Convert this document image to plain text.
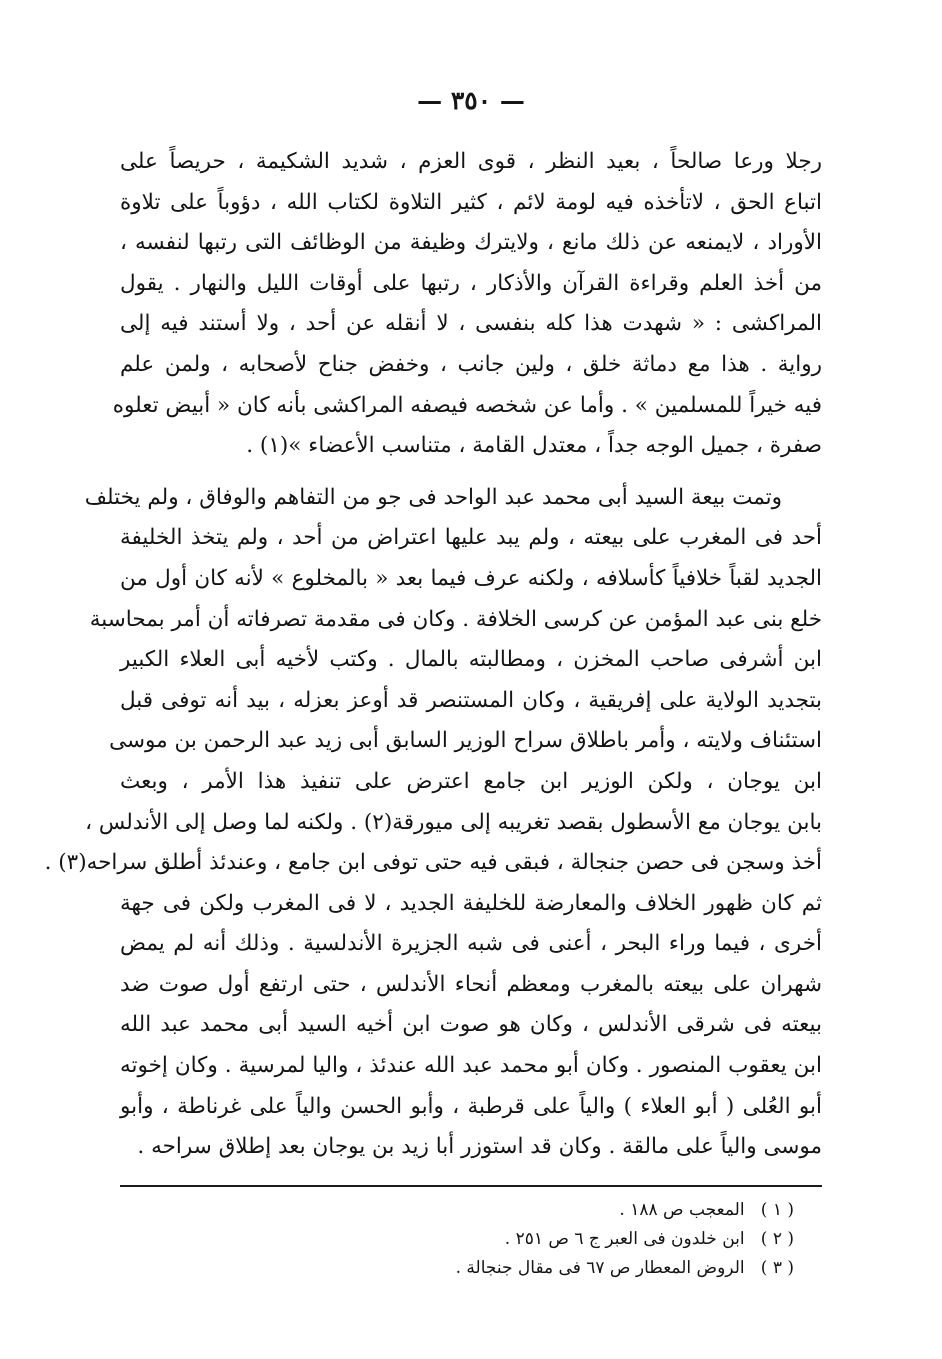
— ٣٥٠ —
رجلا ورعا صالحاً ، بعيد النظر ، قوى العزم ، شديد الشكيمة ، حريصاً على
اتباع الحق ، لاتأخذه فيه لومة لائم ، كثير التلاوة لكتاب الله ، دؤوباً على تلاوة
الأوراد ، لايمنعه عن ذلك مانع ، ولايترك وظيفة من الوظائف التى رتبها لنفسه ،
من أخذ العلم وقراءة القرآن والأذكار ، رتبها على أوقات الليل والنهار . يقول
المراكشى : « شهدت هذا كله بنفسى ، لا أنقله عن أحد ، ولا أستند فيه إلى
رواية . هذا مع دماثة خلق ، ولين جانب ، وخفض جناح لأصحابه ، ولمن علم
فيه خيراً للمسلمين » . وأما عن شخصه فيصفه المراكشى بأنه كان « أبيض تعلوه
صفرة ، جميل الوجه جداً ، معتدل القامة ، متناسب الأعضاء »(١) .
وتمت بيعة السيد أبى محمد عبد الواحد فى جو من التفاهم والوفاق ، ولم يختلف
أحد فى المغرب على بيعته ، ولم يبد عليها اعتراض من أحد ، ولم يتخذ الخليفة
الجديد لقباً خلافياً كأسلافه ، ولكنه عرف فيما بعد « بالمخلوع » لأنه كان أول من
خلع بنى عبد المؤمن عن كرسى الخلافة . وكان فى مقدمة تصرفاته أن أمر بمحاسبة
ابن أشرفى صاحب المخزن ، ومطالبته بالمال . وكتب لأخيه أبى العلاء الكبير
بتجديد الولاية على إفريقية ، وكان المستنصر قد أوعز بعزله ، بيد أنه توفى قبل
استئناف ولايته ، وأمر باطلاق سراح الوزير السابق أبى زيد عبد الرحمن بن موسى
ابن يوجان ، ولكن الوزير ابن جامع اعترض على تنفيذ هذا الأمر ، وبعث
بابن يوجان مع الأسطول بقصد تغريبه إلى ميورقة(٢) . ولكنه لما وصل إلى الأندلس ،
أخذ وسجن فى حصن جنجالة ، فبقى فيه حتى توفى ابن جامع ، وعندئذ أطلق سراحه(٣) .
ثم كان ظهور الخلاف والمعارضة للخليفة الجديد ، لا فى المغرب ولكن فى جهة
أخرى ، فيما وراء البحر ، أعنى فى شبه الجزيرة الأندلسية . وذلك أنه لم يمض
شهران على بيعته بالمغرب ومعظم أنحاء الأندلس ، حتى ارتفع أول صوت ضد
بيعته فى شرقى الأندلس ، وكان هو صوت ابن أخيه السيد أبى محمد عبد الله
ابن يعقوب المنصور . وكان أبو محمد عبد الله عندئذ ، واليا لمرسية . وكان إخوته
أبو العُلى ( أبو العلاء ) والياً على قرطبة ، وأبو الحسن والياً على غرناطة ، وأبو
موسى والياً على مالقة . وكان قد استوزر أبا زيد بن يوجان بعد إطلاق سراحه .
( ١ ) المعجب ص ١٨٨ .
( ٢ ) ابن خلدون فى العبر ج ٦ ص ٢٥١ .
( ٣ ) الروض المعطار ص ٦٧ فى مقال جنجالة .
